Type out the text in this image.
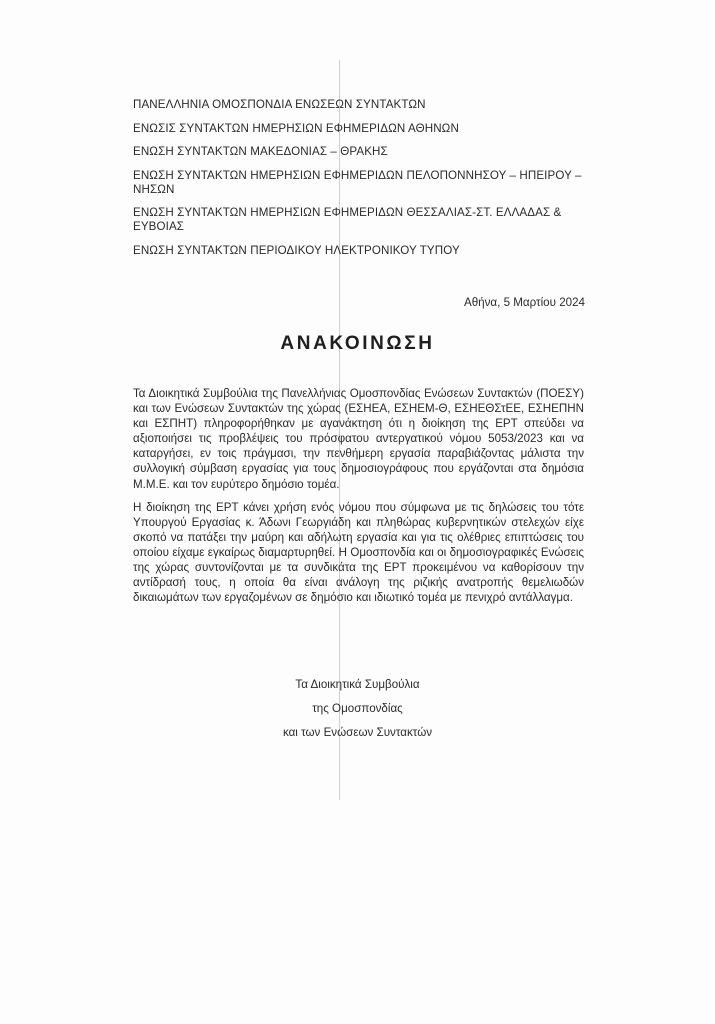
ΠΑΝΕΛΛΗΝΙΑ ΟΜΟΣΠΟΝΔΙΑ ΕΝΩΣΕΩΝ ΣΥΝΤΑΚΤΩΝ
ΕΝΩΣΙΣ ΣΥΝΤΑΚΤΩΝ ΗΜΕΡΗΣΙΩΝ ΕΦΗΜΕΡΙΔΩΝ ΑΘΗΝΩΝ
ΕΝΩΣΗ ΣΥΝΤΑΚΤΩΝ ΜΑΚΕΔΟΝΙΑΣ – ΘΡΑΚΗΣ
ΕΝΩΣΗ ΣΥΝΤΑΚΤΩΝ ΗΜΕΡΗΣΙΩΝ ΕΦΗΜΕΡΙΔΩΝ ΠΕΛΟΠΟΝΝΗΣΟΥ – ΗΠΕΙΡΟΥ – ΝΗΣΩΝ
ΕΝΩΣΗ ΣΥΝΤΑΚΤΩΝ ΗΜΕΡΗΣΙΩΝ ΕΦΗΜΕΡΙΔΩΝ ΘΕΣΣΑΛΙΑΣ-ΣΤ. ΕΛΛΑΔΑΣ & ΕΥΒΟΙΑΣ
ΕΝΩΣΗ ΣΥΝΤΑΚΤΩΝ ΠΕΡΙΟΔΙΚΟΥ ΗΛΕΚΤΡΟΝΙΚΟΥ ΤΥΠΟΥ
Αθήνα, 5 Μαρτίου 2024
ΑΝΑΚΟΙΝΩΣΗ

Τα Διοικητικά Συμβούλια της Πανελλήνιας Ομοσπονδίας Ενώσεων Συντακτών (ΠΟΕΣΥ) και των Ενώσεων Συντακτών της χώρας (ΕΣΗΕΑ, ΕΣΗΕΜ-Θ, ΕΣΗΕΘΣτΕΕ, ΕΣΗΕΠΗΝ και ΕΣΠΗΤ) πληροφορήθηκαν με αγανάκτηση ότι η διοίκηση της ΕΡΤ σπεύδει να αξιοποιήσει τις προβλέψεις του πρόσφατου αντεργατικού νόμου 5053/2023 και να καταργήσει, εν τοις πράγμασι, την πενθήμερη εργασία παραβιάζοντας μάλιστα την συλλογική σύμβαση εργασίας για τους δημοσιογράφους που εργάζονται στα δημόσια Μ.Μ.Ε. και τον ευρύτερο δημόσιο τομέα.

Η διοίκηση της ΕΡΤ κάνει χρήση ενός νόμου που σύμφωνα με τις δηλώσεις του τότε Υπουργού Εργασίας κ. Άδωνι Γεωργιάδη και πληθώρας κυβερνητικών στελεχών είχε σκοπό να πατάξει την μαύρη και αδήλωτη εργασία και για τις ολέθριες επιπτώσεις του οποίου είχαμε εγκαίρως διαμαρτυρηθεί. Η Ομοσπονδία και οι δημοσιογραφικές Ενώσεις της χώρας συντονίζονται με τα συνδικάτα της ΕΡΤ προκειμένου να καθορίσουν την αντίδρασή τους, η οποία θα είναι ανάλογη της ριζικής ανατροπής θεμελιωδών δικαιωμάτων των εργαζομένων σε δημόσιο και ιδιωτικό τομέα με πενιχρό αντάλλαγμα.

Τα Διοικητικά Συμβούλια
της Ομοσπονδίας
και των Ενώσεων Συντακτών
